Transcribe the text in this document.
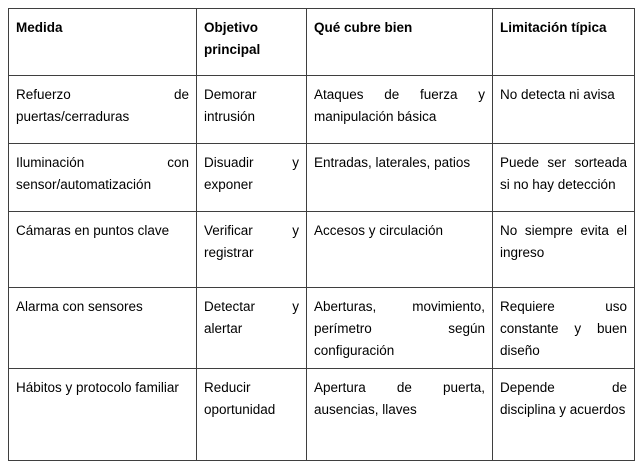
Medida	Objetivo principal	Qué cubre bien	Limitación típica
Refuerzo de puertas/cerraduras	Demorar intrusión	Ataques de fuerza y manipulación básica	No detecta ni avisa
Iluminación con sensor/automatización	Disuadir y exponer	Entradas, laterales, patios	Puede ser sorteada si no hay detección
Cámaras en puntos clave	Verificar y registrar	Accesos y circulación	No siempre evita el ingreso
Alarma con sensores	Detectar y alertar	Aberturas, movimiento, perímetro según configuración	Requiere uso constante y buen diseño
Hábitos y protocolo familiar	Reducir oportunidad	Apertura de puerta, ausencias, llaves	Depende de disciplina y acuerdos
